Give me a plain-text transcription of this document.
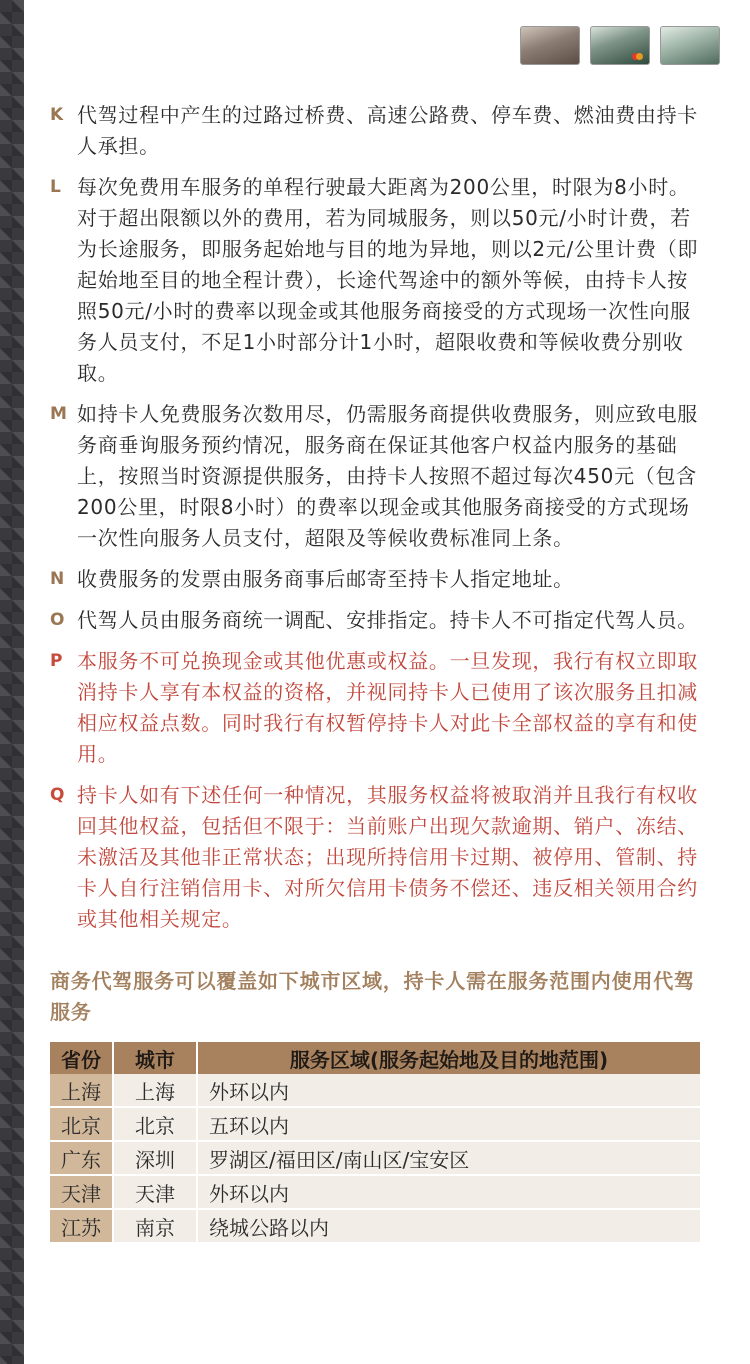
K 代驾过程中产生的过路过桥费、高速公路费、停车费、燃油费由持卡人承担。
L 每次免费用车服务的单程行驶最大距离为200公里，时限为8小时。对于超出限额以外的费用，若为同城服务，则以50元/小时计费，若为长途服务，即服务起始地与目的地为异地，则以2元/公里计费（即起始地至目的地全程计费），长途代驾途中的额外等候，由持卡人按照50元/小时的费率以现金或其他服务商接受的方式现场一次性向服务人员支付，不足1小时部分计1小时，超限收费和等候收费分别收取。
M 如持卡人免费服务次数用尽，仍需服务商提供收费服务，则应致电服务商垂询服务预约情况，服务商在保证其他客户权益内服务的基础上，按照当时资源提供服务，由持卡人按照不超过每次450元（包含200公里，时限8小时）的费率以现金或其他服务商接受的方式现场一次性向服务人员支付，超限及等候收费标准同上条。
N 收费服务的发票由服务商事后邮寄至持卡人指定地址。
O 代驾人员由服务商统一调配、安排指定。持卡人不可指定代驾人员。
P 本服务不可兑换现金或其他优惠或权益。一旦发现，我行有权立即取消持卡人享有本权益的资格，并视同持卡人已使用了该次服务且扣减相应权益点数。同时我行有权暂停持卡人对此卡全部权益的享有和使用。
Q 持卡人如有下述任何一种情况，其服务权益将被取消并且我行有权收回其他权益，包括但不限于：当前账户出现欠款逾期、销户、冻结、未激活及其他非正常状态；出现所持信用卡过期、被停用、管制、持卡人自行注销信用卡、对所欠信用卡债务不偿还、违反相关领用合约或其他相关规定。
商务代驾服务可以覆盖如下城市区域，持卡人需在服务范围内使用代驾服务
省份	城市	服务区域(服务起始地及目的地范围)
上海	上海	外环以内
北京	北京	五环以内
广东	深圳	罗湖区/福田区/南山区/宝安区
天津	天津	外环以内
江苏	南京	绕城公路以内
